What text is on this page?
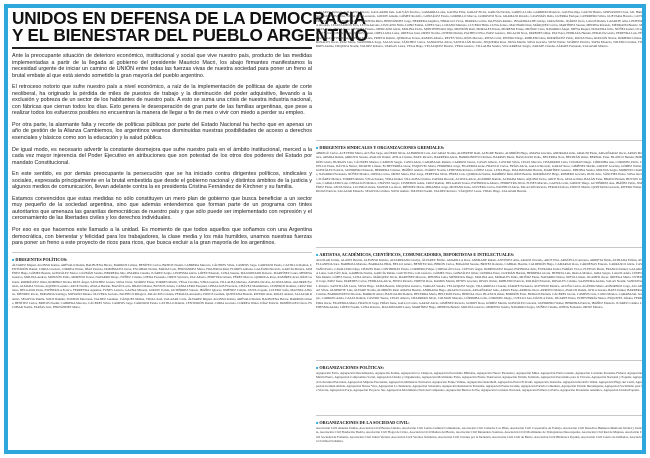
UNIDOS EN DEFENSA DE LA DEMOCRACIA
Y EL BIENESTAR DEL PUEBLO ARGENTINO

Ante la preocupante situación de deterioro económico, institucional y social que vive nuestro país, producto de las medidas implementadas a partir de la llegada al gobierno del presidente Mauricio Macri, los abajo firmantes manifestamos la necesidad urgente de iniciar un camino de UNIÓN entre todas las fuerzas vivas de nuestra sociedad para poner un freno al brutal embate al que está siendo sometido la gran mayoría del pueblo argentino.

El retroceso notorio que sufre nuestro país a nivel económico, a raíz de la implementación de políticas de ajuste de corte neoliberal, ha originado la pérdida de miles de puestos de trabajo y la disminución del poder adquisitivo, llevando a la exclusión y pobreza de un sector de los habitantes de nuestro país. A esto se suma una crisis de nuestra industria nacional, con fábricas que cierran todos los días. Esto genera le desesperación de gran parte de las familias argentinas, que pese a realizar todos los esfuerzos posibles no encuentran la manera de llegar a fin de mes o vivir con miedo a perder su empleo.

Por otra parte, la alarmante falta y recorte de políticas públicas por parte del Estado Nacional ha hecho que en apenas un año de gestión de la Alianza Cambiemos, los argentinos veamos disminuidas nuestras posibilidades de acceso a derechos esenciales y básicos como son la educación y la salud pública.

De igual modo, es necesario advertir la constante desmejora que sufre nuestro país en el ámbito institucional, merced a la cada vez mayor injerencia del Poder Ejecutivo en atribuciones que son potestad de los otros dos poderes del Estado por mandato Constitucional.

En este sentido, es por demás preocupante la persecución que se ha iniciado contra dirigentes políticos, sindicales y sociales, expresada principalmente en la brutal embestida que desde el gobierno nacional y distintos ámbitos de la justicia y algunos medios de comunicación, llevan adelante contra la ex presidenta Cristina Fernández de Kirchner y su familia.

Estamos convencidos que estas medidas no sólo constituyen un mero plan de gobierno que busca beneficiar a un sector muy pequeño de la sociedad argentina, sino que además entendemos que forman parte de un programa con tintes autoritarios que amenaza las garantías democráticas de nuestro país y que sólo puede ser implementado con represión y el cercenamiento de las libertades civiles y los derechos individuales.

Por eso es que hacemos este llamado a la unidad. Es momento de que todos aquellos que soñamos con una Argentina democrática, con bienestar y felicidad para los trabajadores, la clase media y los más humildes, unamos nuestras fuerzas para poner un freno a este proyecto de ricos para ricos, que busca excluir a la gran mayoría de los argentinos.

■ DIRIGENTES POLÍTICOS:
ÁLVAREZ Miguel, ALONSO Karina, ARÉVALO Rubén, BALBUENA Héctor, BARRIOS Liliana, BENÍTEZ Carlos, BRITOS Noemí, CABRERA Marcelo, CÁCERES Silvia, CAMPOS Jorge, CARDOZO Estela, CASTILLO Ramón, CENTURIÓN Daniel, CORIA Graciela, CORREA Walter, DÍAZ Patricia, DOMÍNGUEZ Oscar, ESCOBAR Norma, FARÍAS Luis, FERNÁNDEZ Marta, FIGUEROA Raúl, FLORES Adriana, GALEANO Ricardo, GARCÍA Mónica, GIMÉNEZ Hugo, GÓMEZ Beatriz, GONZÁLEZ Néstor, GUZMÁN Sandra, HERRERA Julio, IBARRA Claudia, JUÁREZ Sergio, LEDESMA Alicia, LÓPEZ Eduardo, LUNA Susana, MALDONADO Roberto, MARTÍNEZ Laura, MEDINA Gustavo, MOLINA Andrea, MONZÓN Pablo, MORENO Teresa, NAVARRO Diego, NÚÑEZ Cristina, OJEDA Fernando, ORTIZ Verónica, PAZ Alberto, PEREYRA Liliana, PÉREZ Marcos, QUIROGA Rosa, RAMÍREZ Ariel, RÍOS Gabriela, RODRÍGUEZ Omar, ROMERO Silvina, RUIZ Ángel, SÁNCHEZ Lorena, SOSA Javier, SUÁREZ Elena, TORRES Martín, VEGA Carolina, VERA Gastón, VILLALBA Mariana, ZAPATA Nicolás, ACOSTA Mirta, AGUIRRE Facundo, ALMADA Viviana, AQUINO Leandro, ARCE Natalia, AYALA Hernán, BAZÁN Lucía, BRAVO Matías, BUSTOS Julieta, CABALLERO Ezequiel, CEBALLOS Florencia, CHÁVEZ Maximiliano, CISNEROS Romina, CRUZ Emiliano, DELGADO Paula, ESPÍNDOLA Franco, FERREYRA Agustina, FUNES Lautaro, GAUNA Micaela, GODOY Tomás, GUTIÉRREZ Valeria, IBÁÑEZ Ignacio, JIMÉNEZ Camila, LEIVA Joaquín, LUCERO Sofía, MANSILLA Bruno, MÉNDEZ Rocío, MIRANDA Santiago, MOYANO Daiana, OLIVERA Luciano, PACHECO Milagros, PALACIOS Cristian, PERALTA Antonella, PONCE Germán, QUINTANA Brenda, RIVERO Alan, ROJAS Aldana, SALAZAR Ramiro, SEGOVIA Yamila, SOTO Damián, TOLEDO Macarena, VALDEZ Jonathan, VÁZQUEZ Melina, VIDAL Axel, ZALAZAR Carla, ÁLVAREZ Miguel, ALONSO Karina, ARÉVALO Rubén, BALBUENA Héctor, BARRIOS Liliana, BENÍTEZ Carlos, BRITOS Noemí, CABRERA Marcelo, CÁCERES Silvia, CAMPOS Jorge, CARDOZO Estela, CASTILLO Ramón, CENTURIÓN Daniel, CORIA Graciela, CORREA Walter, DÍAZ Patricia, DOMÍNGUEZ Oscar, ESCOBAR Norma, FARÍAS Luis, FERNÁNDEZ Marta.
GALARZA Ramona, GALEANO Ernesto, GALLARDO Inés, GALVÁN Teodoro, GAMARRA Luisa, GAONA Félix, GARAY Elvira, GARCÍA Nicolás, GARECA Lidia, GARRIDO Mauricio, GAUNA Olga, GAUTO Benito, GERVASONI Clara, GIL Humberto, GIMÉNEZ Irma, GIRALDEZ Leonardo, GODOY Amalia, GÓMEZ Rodolfo, GONZÁLEZ Estela, GORDILLO Marcos, GOROSITO Nora, GRAMAJO Ricardo, GUAYMÁS Delia, GUERRA Enrique, GUERRERO Silvia, GUEVARA Horacio, GUTIÉRREZ Noemí, GUZMÁN Rafael, HEREDIA Mirta, HERNÁNDEZ Jorge, HERRERA Angélica, HIDALGO Víctor, IBARRA Cecilia, IGLESIAS Ramiro, INSAURRALDE Gladys, JARA Emilio, JUÁREZ Dora, LAGOS Rubén, LAZARTE Alba, LEDESMA Osvaldo, LEGUIZAMÓN Elba, LEIVA Antonio, LEZCANO Nilda, LOBO Fabián, LÓPEZ Sara, LOZANO Mariano, LUCERO Hilda, LUNA Arturo, MACHADO Inés, MÁRQUEZ Carlos, MARTÍNEZ Susana, MEDINA Rolando, MEDRANO Beatriz, MEJÍAS Hugo, MENA Rosa, MÉNDEZ Ernesto, MERCADO Alicia, MOLINA Pedro, MONTENEGRO Olga, MONZÓN Raúl, MORALES Estela, MORENO Felipe, MUÑOZ Clara, NAVARRO Ángel, NIEVA Raquel, NOGUERA Julio, NÚÑEZ Isabel, OCAMPO Víctor, OJEDA Marta, OLMOS Daniel, ORELLANA Luisa, ORTEGA Juan, ORTIZ Norma, OVIEDO Rubén, PACHECO Elsa, PAEZ Gustavo, PALACIO Nora, PAREDES Omar, PAZ Ester, PEDRAZA Hernán, PERALTA Gloria, PEREYRA Luis, PÉREZ Mónica, PINTO Sergio, PONCE Adela, PRIETO Ramón, QUIROGA Teresa, RAMOS Alberto, REYES Silvia, RÍOS Marcelo, RIVAS Celia, RIVERO Diego, ROBLEDO Ana, RODRÍGUEZ Pablo, ROJAS Elena, ROLDÁN Néstor, ROMERO Liliana, ROSALES Oscar, RUIZ Marta, SAAVEDRA Jorge, SALAS Irene, SÁNCHEZ Carlos, SANDOVAL Alicia, SANTILLÁN Ricardo, SEQUEIRA Rosa, SILVA Martín, SOSA Graciela, SOTO Walter, SUÁREZ Patricia, TAPIA Eduardo, TOLEDO Cristina, TORRES Andrés, URQUIZA Noemí, VALDEZ Roberto, VARGAS Laura, VEGA Hugo, VELÁZQUEZ Beatriz, VERA Gustavo, VILLALBA Sandra, VILLARREAL Sergio, ZARATE Claudia, ZÁRATE Fernando, ZALAZAR Mónica.
■ DIRIGENTES SINDICALES Y ORGANIZACIONES GREMIALES:
ABREGÚ Carlos, ACEVEDO Marta, ACUÑA Jorge, AGÜERO Silvia, ALBORNOZ Luis, ALCARAZ Norma, ALDERETE Raúl, ALEGRE Beatriz, ALMIRÓN Hugo, AMAYA Graciela, ANDRADA Julio, ARAUJO Elena, ARGAÑARAZ Oscar, ARIAS Mónica, ARMOA Rubén, ARROYO Susana, AVALOS Daniel, AVILA Cristina, BAEZ Ricardo, BARRERA Alicia, BARRIONUEVO Ramón, BARROS Marta, BASUALDO Pedro, BECERRA Nora, BELTRÁN Omar, BERNAL Ester, BLANCO Hernán, BORDÓN Gloria, BURGOS Luis, CÁCERES Mónica, CAMPOS Sergio, CANO Adela, CARABAJAL Ramón, CARRIZO Teresa, CASAS Alberto, CASTRO Silvia, CEJAS Marcelo, CHAPARRO Celia, COLMAN Diego, CÓRDOBA Ana, CORONEL Pablo, CUELLO Elena, DÁVILA Néstor, DUARTE Liliana, ECHEVERRÍA Oscar, ESQUIVEL Marta, FERREIRA Jorge, FIGUEROA Irene, FRANCO Carlos, FRÍAS Alicia, GALLO Ricardo, GARAY Rosa, GIMÉNEZ Martín, GODOY Graciela, GÓMEZ Walter, GONZÁLEZ Patricia, GUERRERO Eduardo, HERRERA Cristina, IBÁÑEZ Andrés, JUÁREZ Noemí, LEDESMA Roberto, LÓPEZ Laura, LUNA Hugo, MALDONADO Beatriz, MARTÍNEZ Gustavo, MEDINA Sandra, MOLINA Sergio, MORENO Claudia, NAVARRO Fernando, NÚÑEZ Mónica, OJEDA Carlos, ORTIZ Marta, PAZ Jorge, PEREYRA Silvia, PÉREZ Luis, QUIROGA Norma, RAMÍREZ Raúl, RÍOS Beatriz, RODRÍGUEZ Hugo, ROMERO Graciela, RUIZ Julio, SÁNCHEZ Elena, SOSA Oscar, SUÁREZ Mónica, TORRES Rubén, VEGA Susana, VERA Daniel, VILLALBA Cristina, ZAPATA Ricardo, ACOSTA Alicia, AGUIRRE Ramón, ALMADA Marta, AQUINO Pedro, ARCE Nora, AYALA Omar, BAZÁN Ester, BRAVO Hernán, BUSTOS Gloria, CABALLERO Luis, CEBALLOS Mónica, CHÁVEZ Sergio, CISNEROS Adela, CRUZ Ramón, DELGADO Teresa, ESPÍNDOLA Alberto, FERREYRA Silvia, FUNES Marcelo, GAUNA Celia, GODOY Diego, GUTIÉRREZ Ana, IBÁÑEZ Pablo, JIMÉNEZ Elena, LEIVA Néstor, LUCERO Liliana, MANSILLA Oscar, MÉNDEZ Marta, MIRANDA Jorge, MOYANO Irene, OLIVERA Carlos, PACHECO Alicia, PALACIOS Ricardo, PERALTA Rosa, PONCE Martín, QUINTANA Graciela, RIVERO Walter, ROJAS Patricia, SALAZAR Eduardo, SEGOVIA Cristina, SOTO Andrés, TOLEDO Noemí, VALDEZ Roberto, VÁZQUEZ Laura, VIDAL Hugo, ZALAZAR Beatriz.
■ ARTISTAS, ACADÉMICOS, CIENTÍFICOS, COMUNICADORES, DEPORTISTAS E INTELECTUALES:
AGUILAR Tomás, ALANIS Beatriz, ALFONSO Ramiro, ALTAMIRANO Gladys, ÁLVAREZ Emilio, AMARILLA Dora, ANDRADE Rubén, ANTÚNEZ Alba, ARAOZ Osvaldo, ARCE Elba, ARGÜELLO Antonio, ARRIETA Nilda, ASTRADA Fabián, AVELLANEDA Sara, BARBOZA Mariano, BARRAZA Hilda, BELLO Arturo, BENÍTEZ Inés, BERÓN Carlos, BOGADO Susana, BRITEZ Rolando, CABRAL Beatriz, CALDERÓN Hugo, CAMARGO Rosa, CÁRDENAS Ernesto, CARRASCO Alicia, CASTAÑO Pedro, CAVALLERO Olga, CHAVES Raúl, CONTRERAS Estela, CORDERO Felipe, CORVALÁN Clara, CUEVAS Ángel, DOMÍNGUEZ Raquel, ESPINOZA Julio, ESTRADA Isabel, FARÍAS Víctor, FLEITAS Marta, FRANCO Daniel, GALARZA Luisa, GALVÁN Juan, GAMBOA Norma, GARCÍA Rubén, GAUTO Elsa, GIL Gustavo, GÓMEZ Nora, GONZÁLEZ Omar, GUERRA Ester, GUZMÁN Hernán, HERRERA Gloria, HUERTA Luis, IRALA Mónica, JARA Sergio, LAGOS Adela, LEDESMA Ramón, LÓPEZ Teresa, LUNA Alberto, MÁRQUEZ Silvia, MARTÍNEZ Marcelo, MEDINA Celia, MENDOZA Diego, MOLINA Ana, MORALES Pablo, MUÑOZ Elena, NAVARRO Néstor, NIEVA Liliana, OCAMPO Oscar, ORTEGA Marta, OVIEDO Jorge, PAEZ Irene, PAREDES Carlos, PEDRAZA Alicia, PINTO Ricardo, PRIETO Rosa, RAMOS Martín, REYES Graciela, RIVAS Walter, ROBLEDO Patricia, ROLDÁN Eduardo, ROSALES Cristina, SAAVEDRA Andrés, SALAS Noemí, SANDOVAL Roberto, SANTILLÁN Laura, SILVA Hugo, TAPIA Beatriz, URQUIZA Gustavo, VARGAS Sandra, VELÁZQUEZ Sergio, VILLARREAL Claudia, ZÁRATE Fernando, ACEVEDO Mónica, ACUÑA Carlos, AGÜERO Marta, ALBORNOZ Jorge, ALCARAZ Silvia, ALDERETE Luis, ALEGRE Norma, ALMIRÓN Raúl, AMAYA Beatriz, ANDRADA Hugo, ARAUJO Graciela, ARGAÑARAZ Julio, ARIAS Elena, ARMOA Oscar, ARROYO Mónica, AVALOS Rubén, AVILA Susana, BAEZ Daniel, BARRERA Cristina, BARRIONUEVO Ricardo, BARROS Alicia, BASUALDO Ramón, BECERRA Marta, BELTRÁN Pedro, BERNAL Nora, BLANCO Omar, BORDÓN Ester, BURGOS Hernán, CÁCERES Gloria, CAMPOS Luis, CANO Mónica, CARABAJAL Sergio, CARRIZO Adela, CASAS Ramón, CASTRO Teresa, CEJAS Alberto, CHAPARRO Silvia, COLMAN Marcelo, CÓRDOBA Celia, CORONEL Diego, CUELLO Ana, DÁVILA Pablo, DUARTE Elena, ECHEVERRÍA Néstor, ESQUIVEL Liliana, FERREIRA Oscar, FIGUEROA Marta, FRANCO Jorge, FRÍAS Irene, GALLO Carlos, GARAY Alicia, GIMÉNEZ Ricardo, GODOY Rosa, GÓMEZ Martín, GONZÁLEZ Graciela, GUERRERO Walter, HERRERA Patricia, IBÁÑEZ Eduardo, JUÁREZ Cristina, LEDESMA Andrés, LÓPEZ Noemí, LUNA Roberto, MALDONADO Laura, MARTÍNEZ Hugo, MEDINA Beatriz, MOLINA Gustavo, MORENO Sandra, NAVARRO Sergio, NÚÑEZ Claudia, OJEDA Fernando, ORTIZ Mónica.
■ ORGANIZACIONES POLÍTICAS:
Agrupación Evita, Agrupación Descamisados, Agrupación Kolina, Agrupación La Cámpora, Agrupación Peronismo Militante, Agrupación Nuevo Encuentro, Agrupación Miles, Agrupación Patria Grande, Agrupación Corriente Peronista Federal, Agrupación Martín Fierro, Agrupación Compromiso Social, Agrupación Unidos y Organizados, Agrupación Movimiento Evita, Agrupación Frente Transversal, Agrupación Partido Solidario, Agrupación Peronismo para la Victoria, Agrupación Nacional y Popular, Agrupación Juventud Peronista, Agrupación Mujeres Peronistas, Agrupación Militancia Territorial, Agrupación Felipe Vallese, Agrupación Oesterheld, Agrupación Envar El Kadri, Agrupación Jauretche, Agrupación Rodolfo Walsh, Agrupación Hugo del Carril, Agrupación Germán Abdala, Agrupación Néstor Vive, Agrupación La Tendencia, Agrupación Soberanía, Agrupación Resistencia Peronista, Agrupación Frente Grande, Agrupación Partido Comunista, Agrupación Partido Intransigente, Agrupación Socialismo para la Victoria, Agrupación Forja, Agrupación Proyecto Sur, Agrupación Movimiento Nacional Campesino, Agrupación Barrios de Pie, Agrupación Corriente Nacional, Agrupación Primero la Patria, Agrupación Peronismo Auténtico, Agrupación Unidad Popular.
■ ORGANIZACIONES DE LA SOCIEDAD CIVIL:
Asociación Civil Abuelas Unidas, Asociación Civil Barrios Unidos, Asociación Civil Centro Cultural Comunitario, Asociación Civil Comedor Los Pibes, Asociación Civil Cooperativa de Trabajo, Asociación Civil Derechos Humanos Memoria Verdad y Justicia, Asociación Civil Fundación Pueblo, Asociación Civil Hogar de Cristo, Asociación Civil Madres del Barrio, Asociación Civil Merendero Sonrisas, Asociación Civil Movimiento de Trabajadores Desocupados, Asociación Civil Red de Mujeres, Asociación Civil Sociedad de Fomento, Asociación Civil Unión Vecinal, Asociación Civil Vecinos Solidarios, Asociación Civil Jóvenes por la Inclusión, Asociación Civil Club de Barrio, Asociación Civil Biblioteca Popular, Asociación Civil Centro de Jubilados, Asociación Civil Red Solidaria.
